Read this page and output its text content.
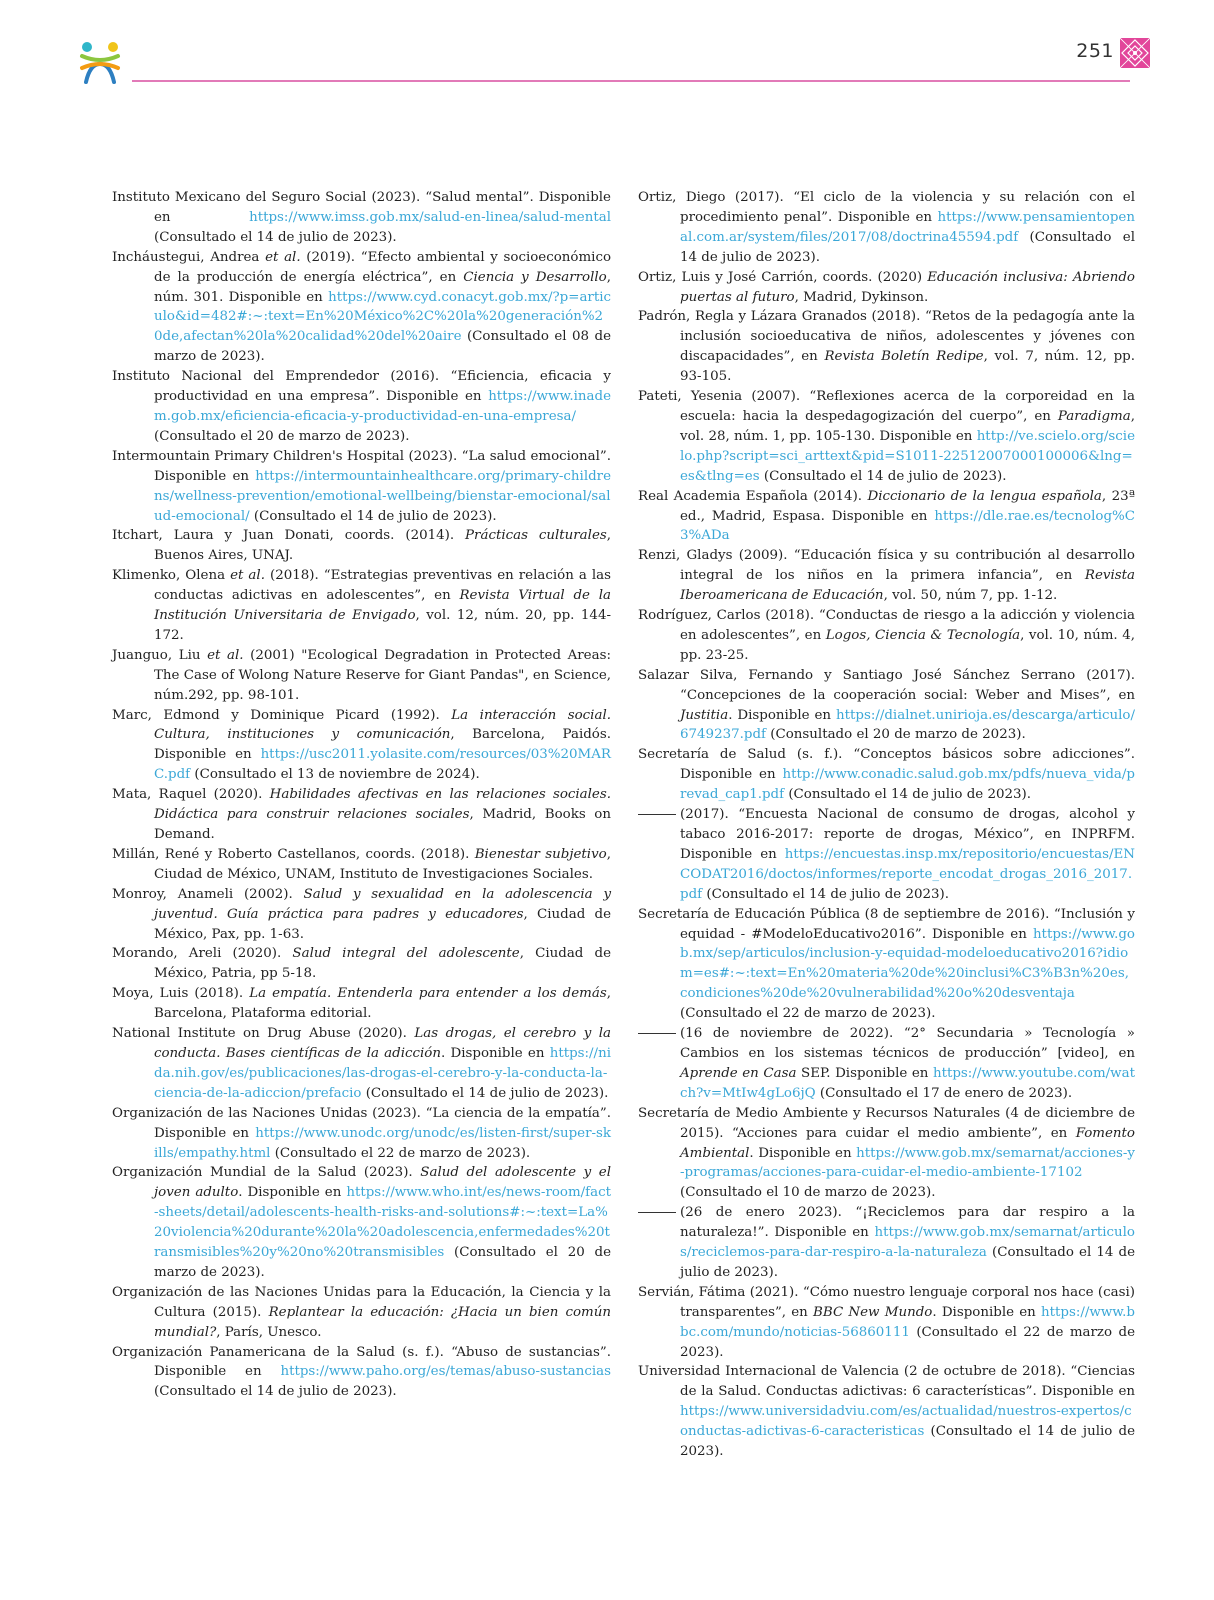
251

Instituto Mexicano del Seguro Social (2023). “Salud mental”. Disponible en https://www.imss.gob.mx/salud-en-linea/salud-mental (Consultado el 14 de julio de 2023).

Incháustegui, Andrea et al. (2019). “Efecto ambiental y socioeconómico de la producción de energía eléctrica”, en Ciencia y Desarrollo, núm. 301. Disponible en https://www.cyd.conacyt.gob.mx/?p=articulo&id=482#:~:text=En%20México%2C%20la%20generación%20de,afectan%20la%20calidad%20del%20aire (Consultado el 08 de marzo de 2023).

Instituto Nacional del Emprendedor (2016). “Eficiencia, eficacia y productividad en una empresa”. Disponible en https://www.inadem.gob.mx/eficiencia-eficacia-y-productividad-en-una-empresa/ (Consultado el 20 de marzo de 2023).

Intermountain Primary Children's Hospital (2023). “La salud emocional”. Disponible en https://intermountainhealthcare.org/primary-childrens/wellness-prevention/emotional-wellbeing/bienstar-emocional/salud-emocional/ (Consultado el 14 de julio de 2023).

Itchart, Laura y Juan Donati, coords. (2014). Prácticas culturales, Buenos Aires, UNAJ.

Klimenko, Olena et al. (2018). “Estrategias preventivas en relación a las conductas adictivas en adolescentes”, en Revista Virtual de la Institución Universitaria de Envigado, vol. 12, núm. 20, pp. 144-172.

Juanguo, Liu et al. (2001) "Ecological Degradation in Protected Areas: The Case of Wolong Nature Reserve for Giant Pandas", en Science, núm.292, pp. 98-101.

Marc, Edmond y Dominique Picard (1992). La interacción social. Cultura, instituciones y comunicación, Barcelona, Paidós. Disponible en https://usc2011.yolasite.com/resources/03%20MARC.pdf (Consultado el 13 de noviembre de 2024).

Mata, Raquel (2020). Habilidades afectivas en las relaciones sociales. Didáctica para construir relaciones sociales, Madrid, Books on Demand.

Millán, René y Roberto Castellanos, coords. (2018). Bienestar subjetivo, Ciudad de México, UNAM, Instituto de Investigaciones Sociales.

Monroy, Anameli (2002). Salud y sexualidad en la adolescencia y juventud. Guía práctica para padres y educadores, Ciudad de México, Pax, pp. 1-63.

Morando, Areli (2020). Salud integral del adolescente, Ciudad de México, Patria, pp 5-18.

Moya, Luis (2018). La empatía. Entenderla para entender a los demás, Barcelona, Plataforma editorial.

National Institute on Drug Abuse (2020). Las drogas, el cerebro y la conducta. Bases científicas de la adicción. Disponible en https://nida.nih.gov/es/publicaciones/las-drogas-el-cerebro-y-la-conducta-la-ciencia-de-la-adiccion/prefacio (Consultado el 14 de julio de 2023).

Organización de las Naciones Unidas (2023). “La ciencia de la empatía”. Disponible en https://www.unodc.org/unodc/es/listen-first/super-skills/empathy.html (Consultado el 22 de marzo de 2023).

Organización Mundial de la Salud (2023). Salud del adolescente y el joven adulto. Disponible en https://www.who.int/es/news-room/fact-sheets/detail/adolescents-health-risks-and-solutions#:~:text=La%20violencia%20durante%20la%20adolescencia,enfermedades%20transmisibles%20y%20no%20transmisibles (Consultado el 20 de marzo de 2023).

Organización de las Naciones Unidas para la Educación, la Ciencia y la Cultura (2015). Replantear la educación: ¿Hacia un bien común mundial?, París, Unesco.

Organización Panamericana de la Salud (s. f.). “Abuso de sustancias”. Disponible en https://www.paho.org/es/temas/abuso-sustancias (Consultado el 14 de julio de 2023).

Ortiz, Diego (2017). “El ciclo de la violencia y su relación con el procedimiento penal”. Disponible en https://www.pensamientopenal.com.ar/system/files/2017/08/doctrina45594.pdf (Consultado el 14 de julio de 2023).

Ortiz, Luis y José Carrión, coords. (2020) Educación inclusiva: Abriendo puertas al futuro, Madrid, Dykinson.

Padrón, Regla y Lázara Granados (2018). “Retos de la pedagogía ante la inclusión socioeducativa de niños, adolescentes y jóvenes con discapacidades”, en Revista Boletín Redipe, vol. 7, núm. 12, pp. 93-105.

Pateti, Yesenia (2007). “Reflexiones acerca de la corporeidad en la escuela: hacia la despedagogización del cuerpo”, en Paradigma, vol. 28, núm. 1, pp. 105-130. Disponible en http://ve.scielo.org/scielo.php?script=sci_arttext&pid=S1011-22512007000100006&lng=es&tlng=es (Consultado el 14 de julio de 2023).

Real Academia Española (2014). Diccionario de la lengua española, 23ª ed., Madrid, Espasa. Disponible en https://dle.rae.es/tecnolog%C3%ADa

Renzi, Gladys (2009). “Educación física y su contribución al desarrollo integral de los niños en la primera infancia”, en Revista Iberoamericana de Educación, vol. 50, núm 7, pp. 1-12.

Rodríguez, Carlos (2018). “Conductas de riesgo a la adicción y violencia en adolescentes”, en Logos, Ciencia & Tecnología, vol. 10, núm. 4, pp. 23-25.

Salazar Silva, Fernando y Santiago José Sánchez Serrano (2017). “Concepciones de la cooperación social: Weber and Mises”, en Justitia. Disponible en https://dialnet.unirioja.es/descarga/articulo/6749237.pdf (Consultado el 20 de marzo de 2023).

Secretaría de Salud (s. f.). “Conceptos básicos sobre adicciones”. Disponible en http://www.conadic.salud.gob.mx/pdfs/nueva_vida/prevad_cap1.pdf (Consultado el 14 de julio de 2023).

(2017). “Encuesta Nacional de consumo de drogas, alcohol y tabaco 2016-2017: reporte de drogas, México”, en INPRFM. Disponible en https://encuestas.insp.mx/repositorio/encuestas/ENCODAT2016/doctos/informes/reporte_encodat_drogas_2016_2017.pdf (Consultado el 14 de julio de 2023).

Secretaría de Educación Pública (8 de septiembre de 2016). “Inclusión y equidad - #ModeloEducativo2016”. Disponible en https://www.gob.mx/sep/articulos/inclusion-y-equidad-modeloeducativo2016?idiom=es#:~:text=En%20materia%20de%20inclusi%C3%B3n%20es,condiciones%20de%20vulnerabilidad%20o%20desventaja (Consultado el 22 de marzo de 2023).

(16 de noviembre de 2022). “2° Secundaria » Tecnología » Cambios en los sistemas técnicos de producción” [video], en Aprende en Casa SEP. Disponible en https://www.youtube.com/watch?v=MtIw4gLo6jQ (Consultado el 17 de enero de 2023).

Secretaría de Medio Ambiente y Recursos Naturales (4 de diciembre de 2015). “Acciones para cuidar el medio ambiente”, en Fomento Ambiental. Disponible en https://www.gob.mx/semarnat/acciones-y-programas/acciones-para-cuidar-el-medio-ambiente-17102 (Consultado el 10 de marzo de 2023).

(26 de enero 2023). “¡Reciclemos para dar respiro a la naturaleza!”. Disponible en https://www.gob.mx/semarnat/articulos/reciclemos-para-dar-respiro-a-la-naturaleza (Consultado el 14 de julio de 2023).

Servián, Fátima (2021). “Cómo nuestro lenguaje corporal nos hace (casi) transparentes”, en BBC New Mundo. Disponible en https://www.bbc.com/mundo/noticias-56860111 (Consultado el 22 de marzo de 2023).

Universidad Internacional de Valencia (2 de octubre de 2018). “Ciencias de la Salud. Conductas adictivas: 6 características”. Disponible en https://www.universidadviu.com/es/actualidad/nuestros-expertos/conductas-adictivas-6-caracteristicas (Consultado el 14 de julio de 2023).
